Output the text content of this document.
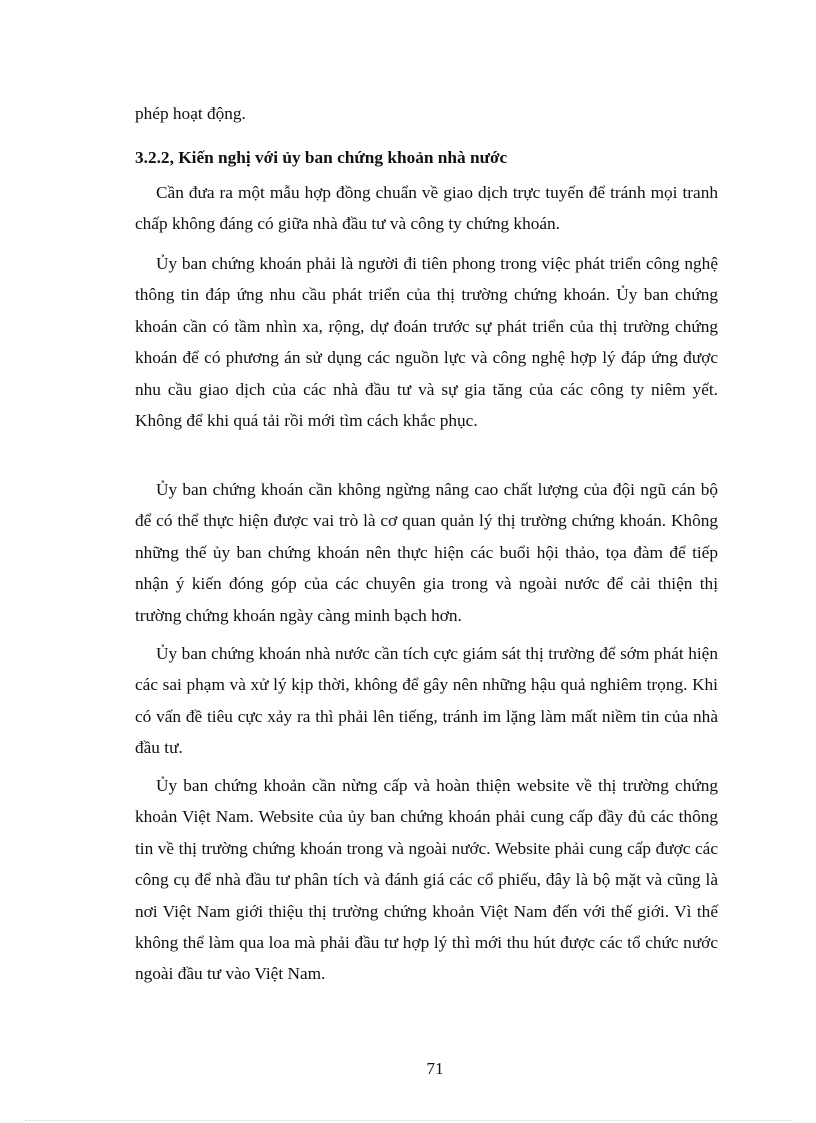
phép hoạt động.
3.2.2, Kiến nghị với ủy ban chứng khoản nhà nước

Cần đưa ra một mẫu hợp đồng chuẩn về giao dịch trực tuyến để tránh mọi tranh chấp không đáng có giữa nhà đầu tư và công ty chứng khoán.

Ủy ban chứng khoán phải là người đi tiên phong trong việc phát triển công nghệ thông tin đáp ứng nhu cầu phát triển của thị trường chứng khoán. Ủy ban chứng khoán cần có tầm nhìn xa, rộng, dự đoán trước sự phát triển của thị trường chứng khoán để có phương án sử dụng các nguồn lực và công nghệ hợp lý đáp ứng được nhu cầu giao dịch của các nhà đầu tư và sự gia tăng của các công ty niêm yết. Không để khi quá tải rồi mới tìm cách khắc phục.

Ủy ban chứng khoán cần không ngừng nâng cao chất lượng của đội ngũ cán bộ để có thể thực hiện được vai trò là cơ quan quản lý thị trường chứng khoán. Không những thế ủy ban chứng khoán nên thực hiện các buổi hội thảo, tọa đàm để tiếp nhận ý kiến đóng góp của các chuyên gia trong và ngoài nước để cải thiện thị trường chứng khoán ngày càng minh bạch hơn.

Ủy ban chứng khoán nhà nước cần tích cực giám sát thị trường để sớm phát hiện các sai phạm và xử lý kịp thời, không để gây nên những hậu quả nghiêm trọng. Khi có vấn đề tiêu cực xảy ra thì phải lên tiếng, tránh im lặng làm mất niềm tin của nhà đầu tư.

Ủy ban chứng khoản cần nừng cấp và hoàn thiện website về thị trường chứng khoản Việt Nam. Website của ủy ban chứng khoán phải cung cấp đầy đủ các thông tin về thị trường chứng khoán trong và ngoài nước. Website phải cung cấp được các công cụ để nhà đầu tư phân tích và đánh giá các cổ phiếu, đây là bộ mặt và cũng là nơi Việt Nam giới thiệu thị trường chứng khoản Việt Nam đến với thế giới. Vì thế không thể làm qua loa mà phải đầu tư hợp lý thì mới thu hút được các tổ chức nước ngoài đầu tư vào Việt Nam.

71
